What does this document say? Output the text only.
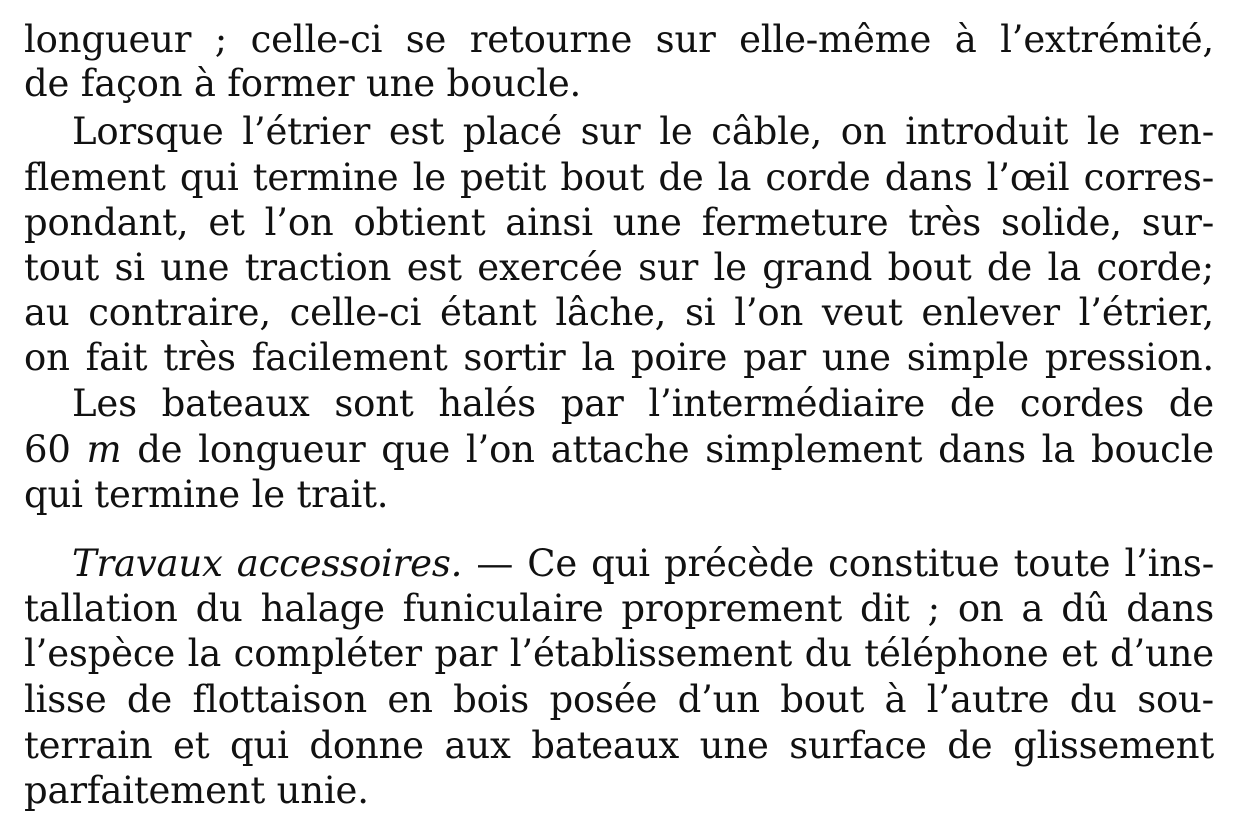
longueur ; celle-ci se retourne sur elle-même à l’extrémité,
de façon à former une boucle.
Lorsque l’étrier est placé sur le câble, on introduit le ren-
flement qui termine le petit bout de la corde dans l’œil corres-
pondant, et l’on obtient ainsi une fermeture très solide, sur-
tout si une traction est exercée sur le grand bout de la corde;
au contraire, celle-ci étant lâche, si l’on veut enlever l’étrier,
on fait très facilement sortir la poire par une simple pression.
Les bateaux sont halés par l’intermédiaire de cordes de
60 m de longueur que l’on attache simplement dans la boucle
qui termine le trait.
Travaux accessoires. — Ce qui précède constitue toute l’ins-
tallation du halage funiculaire proprement dit ; on a dû dans
l’espèce la compléter par l’établissement du téléphone et d’une
lisse de flottaison en bois posée d’un bout à l’autre du sou-
terrain et qui donne aux bateaux une surface de glissement
parfaitement unie.
